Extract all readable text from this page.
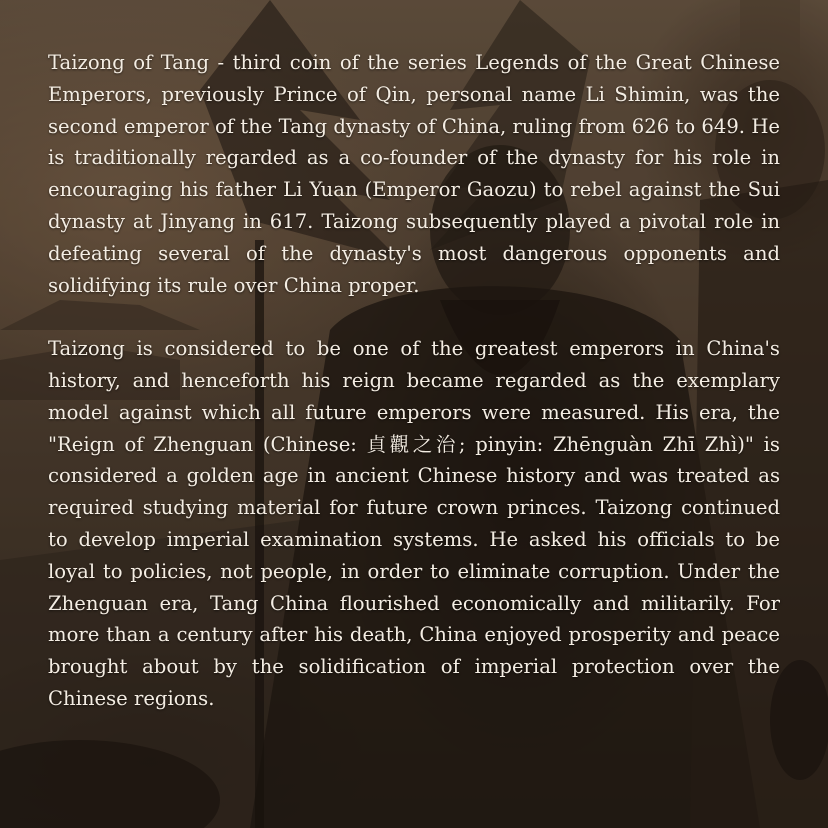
Taizong of Tang - third coin of the series Legends of the Great Chinese Emperors, previously Prince of Qin, personal name Li Shimin, was the second emperor of the Tang dynasty of China, ruling from 626 to 649. He is traditionally regarded as a co-founder of the dynasty for his role in encouraging his father Li Yuan (Emperor Gaozu) to rebel against the Sui dynasty at Jinyang in 617. Taizong subsequently played a pivotal role in defeating several of the dynasty's most dangerous opponents and solidifying its rule over China proper.

Taizong is considered to be one of the greatest emperors in China's history, and henceforth his reign became regarded as the exemplary model against which all future emperors were measured. His era, the "Reign of Zhenguan (Chinese: 貞觀之治; pinyin: Zhēnguàn Zhī Zhì)" is considered a golden age in ancient Chinese history and was treated as required studying material for future crown princes. Taizong continued to develop imperial examination systems. He asked his officials to be loyal to policies, not people, in order to eliminate corruption. Under the Zhenguan era, Tang China flourished economically and militarily. For more than a century after his death, China enjoyed prosperity and peace brought about by the solidification of imperial protection over the Chinese regions.
